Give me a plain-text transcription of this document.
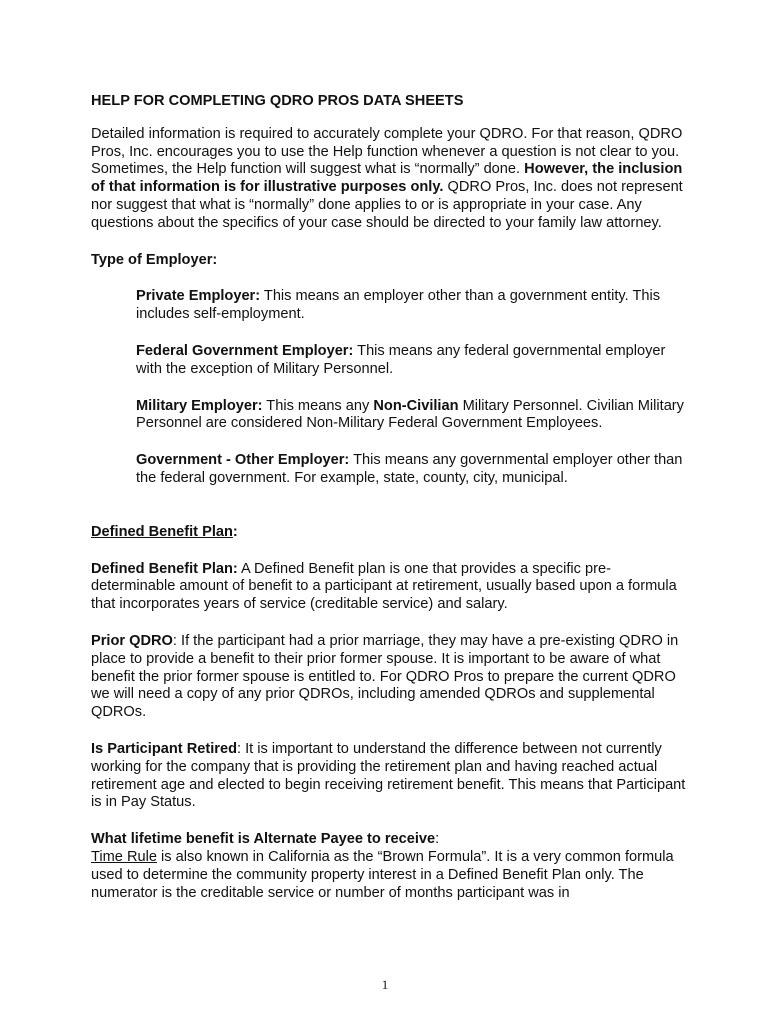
HELP FOR COMPLETING QDRO PROS DATA SHEETS

Detailed information is required to accurately complete your QDRO. For that reason, QDRO Pros, Inc. encourages you to use the Help function whenever a question is not clear to you. Sometimes, the Help function will suggest what is “normally” done. However, the inclusion of that information is for illustrative purposes only. QDRO Pros, Inc. does not represent nor suggest that what is “normally” done applies to or is appropriate in your case. Any questions about the specifics of your case should be directed to your family law attorney.

Type of Employer:

Private Employer: This means an employer other than a government entity. This includes self-employment.

Federal Government Employer: This means any federal governmental employer with the exception of Military Personnel.

Military Employer: This means any Non-Civilian Military Personnel. Civilian Military Personnel are considered Non-Military Federal Government Employees.

Government - Other Employer: This means any governmental employer other than the federal government. For example, state, county, city, municipal.

Defined Benefit Plan:

Defined Benefit Plan: A Defined Benefit plan is one that provides a specific pre-determinable amount of benefit to a participant at retirement, usually based upon a formula that incorporates years of service (creditable service) and salary.

Prior QDRO: If the participant had a prior marriage, they may have a pre-existing QDRO in place to provide a benefit to their prior former spouse. It is important to be aware of what benefit the prior former spouse is entitled to. For QDRO Pros to prepare the current QDRO we will need a copy of any prior QDROs, including amended QDROs and supplemental QDROs.

Is Participant Retired: It is important to understand the difference between not currently working for the company that is providing the retirement plan and having reached actual retirement age and elected to begin receiving retirement benefit. This means that Participant is in Pay Status.

What lifetime benefit is Alternate Payee to receive:

Time Rule is also known in California as the “Brown Formula”. It is a very common formula used to determine the community property interest in a Defined Benefit Plan only. The numerator is the creditable service or number of months participant was in

1
